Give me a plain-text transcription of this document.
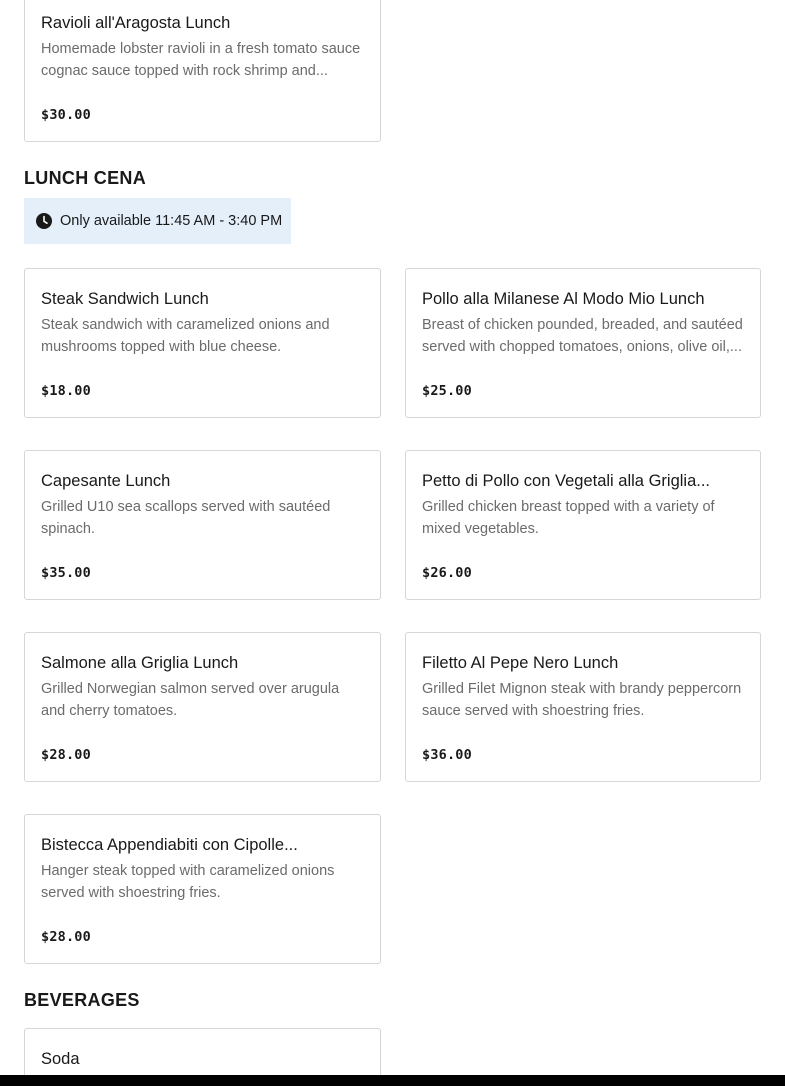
Ravioli all'Aragosta Lunch
Homemade lobster ravioli in a fresh tomato sauce cognac sauce topped with rock shrimp and...
$30.00
LUNCH CENA
Only available 11:45 AM - 3:40 PM
Steak Sandwich Lunch
Steak sandwich with caramelized onions and mushrooms topped with blue cheese.
$18.00
Pollo alla Milanese Al Modo Mio Lunch
Breast of chicken pounded, breaded, and sautéed served with chopped tomatoes, onions, olive oil,...
$25.00
Capesante Lunch
Grilled U10 sea scallops served with sautéed spinach.
$35.00
Petto di Pollo con Vegetali alla Griglia...
Grilled chicken breast topped with a variety of mixed vegetables.
$26.00
Salmone alla Griglia Lunch
Grilled Norwegian salmon served over arugula and cherry tomatoes.
$28.00
Filetto Al Pepe Nero Lunch
Grilled Filet Mignon steak with brandy peppercorn sauce served with shoestring fries.
$36.00
Bistecca Appendiabiti con Cipolle...
Hanger steak topped with caramelized onions served with shoestring fries.
$28.00
BEVERAGES
Soda
